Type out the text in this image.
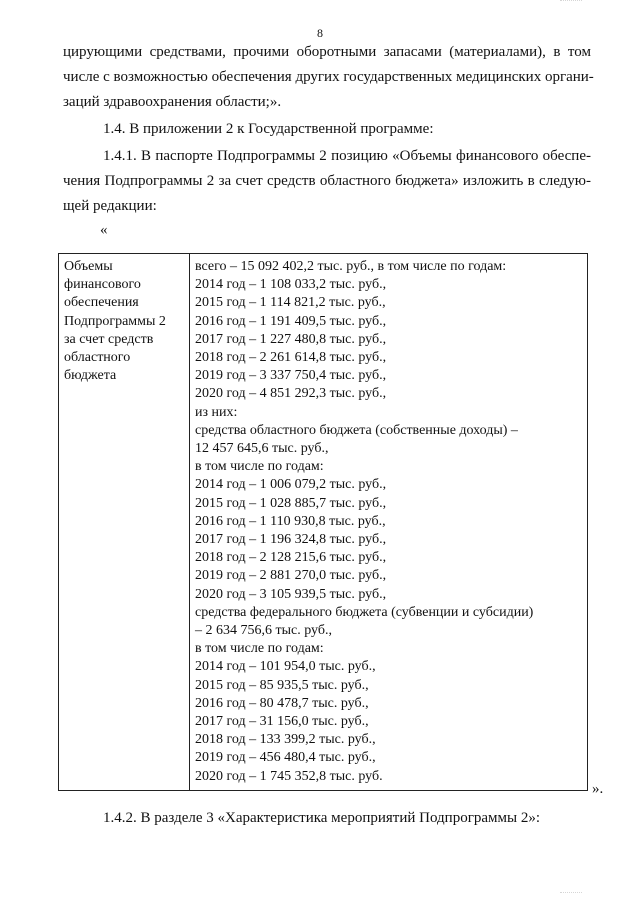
8
цирующими средствами, прочими оборотными запасами (материалами), в том
числе с возможностью обеспечения других государственных медицинских органи-
заций здравоохранения области;».
1.4. В приложении 2 к Государственной программе:
1.4.1. В паспорте Подпрограммы 2 позицию «Объемы финансового обеспе-
чения Подпрограммы 2 за счет средств областного бюджета» изложить в следую-
щей редакции:
«
Объемы
финансового
обеспечения
Подпрограммы 2
за счет средств
областного
бюджета

всего – 15 092 402,2 тыс. руб., в том числе по годам:
2014 год – 1 108 033,2 тыс. руб.,
2015 год – 1 114 821,2 тыс. руб.,
2016 год – 1 191 409,5 тыс. руб.,
2017 год – 1 227 480,8 тыс. руб.,
2018 год – 2 261 614,8 тыс. руб.,
2019 год – 3 337 750,4 тыс. руб.,
2020 год – 4 851 292,3 тыс. руб.,
из них:
средства областного бюджета (собственные доходы) –
12 457 645,6 тыс. руб.,
в том числе по годам:
2014 год – 1 006 079,2 тыс. руб.,
2015 год – 1 028 885,7 тыс. руб.,
2016 год – 1 110 930,8 тыс. руб.,
2017 год – 1 196 324,8 тыс. руб.,
2018 год – 2 128 215,6 тыс. руб.,
2019 год – 2 881 270,0 тыс. руб.,
2020 год – 3 105 939,5 тыс. руб.,
средства федерального бюджета (субвенции и субсидии)
– 2 634 756,6 тыс. руб.,
в том числе по годам:
2014 год – 101 954,0 тыс. руб.,
2015 год – 85 935,5 тыс. руб.,
2016 год – 80 478,7 тыс. руб.,
2017 год – 31 156,0 тыс. руб.,
2018 год – 133 399,2 тыс. руб.,
2019 год – 456 480,4 тыс. руб.,
2020 год – 1 745 352,8 тыс. руб.
».
1.4.2. В разделе 3 «Характеристика мероприятий Подпрограммы 2»:
